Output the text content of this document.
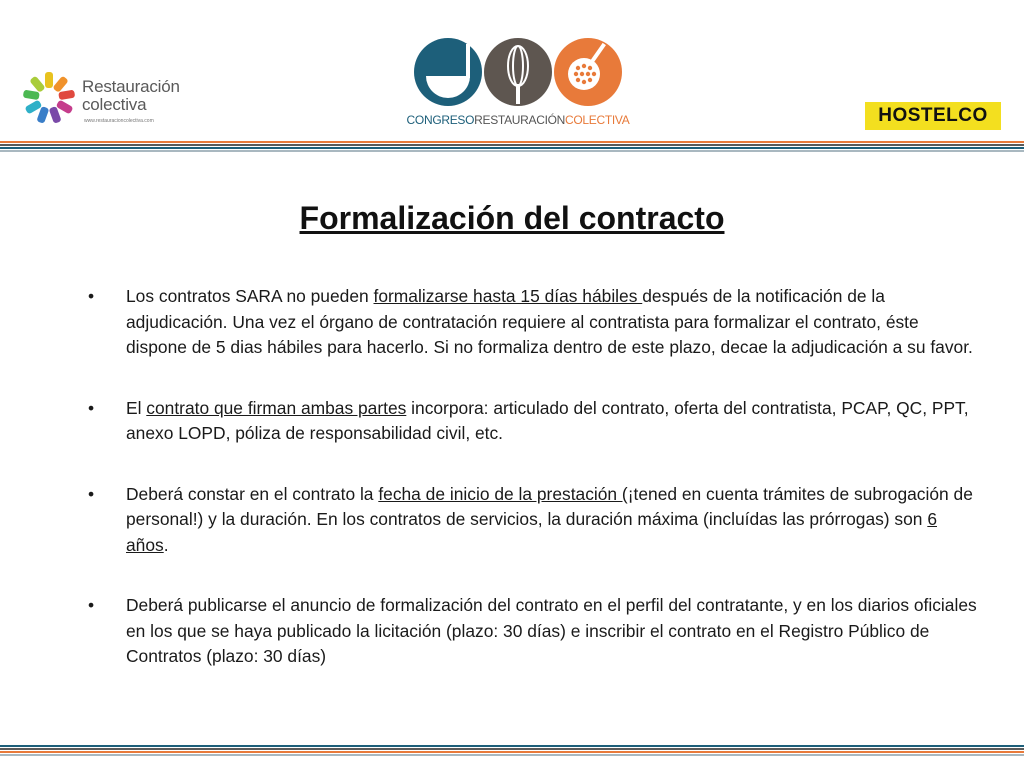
Restauración
colectiva
www.restauracioncolectiva.com	CONGRESORESTAURACIÓNCOLECTIVA	HOSTELCO
Formalización del contracto
• Los contratos SARA no pueden formalizarse hasta 15 días hábiles después de la notificación de la adjudicación. Una vez el órgano de contratación requiere al contratista para formalizar el contrato, éste dispone de 5 dias hábiles para hacerlo. Si no formaliza dentro de este plazo, decae la adjudicación a su favor.
• El contrato que firman ambas partes incorpora: articulado del contrato, oferta del contratista, PCAP, QC, PPT, anexo LOPD, póliza de responsabilidad civil, etc.
• Deberá constar en el contrato la fecha de inicio de la prestación (¡tened en cuenta trámites de subrogación de personal!) y la duración. En los contratos de servicios, la duración máxima (incluídas las prórrogas) son 6 años.
• Deberá publicarse el anuncio de formalización del contrato en el perfil del contratante, y en los diarios oficiales en los que se haya publicado la licitación (plazo: 30 días) e inscribir el contrato en el Registro Público de Contratos (plazo: 30 días)
